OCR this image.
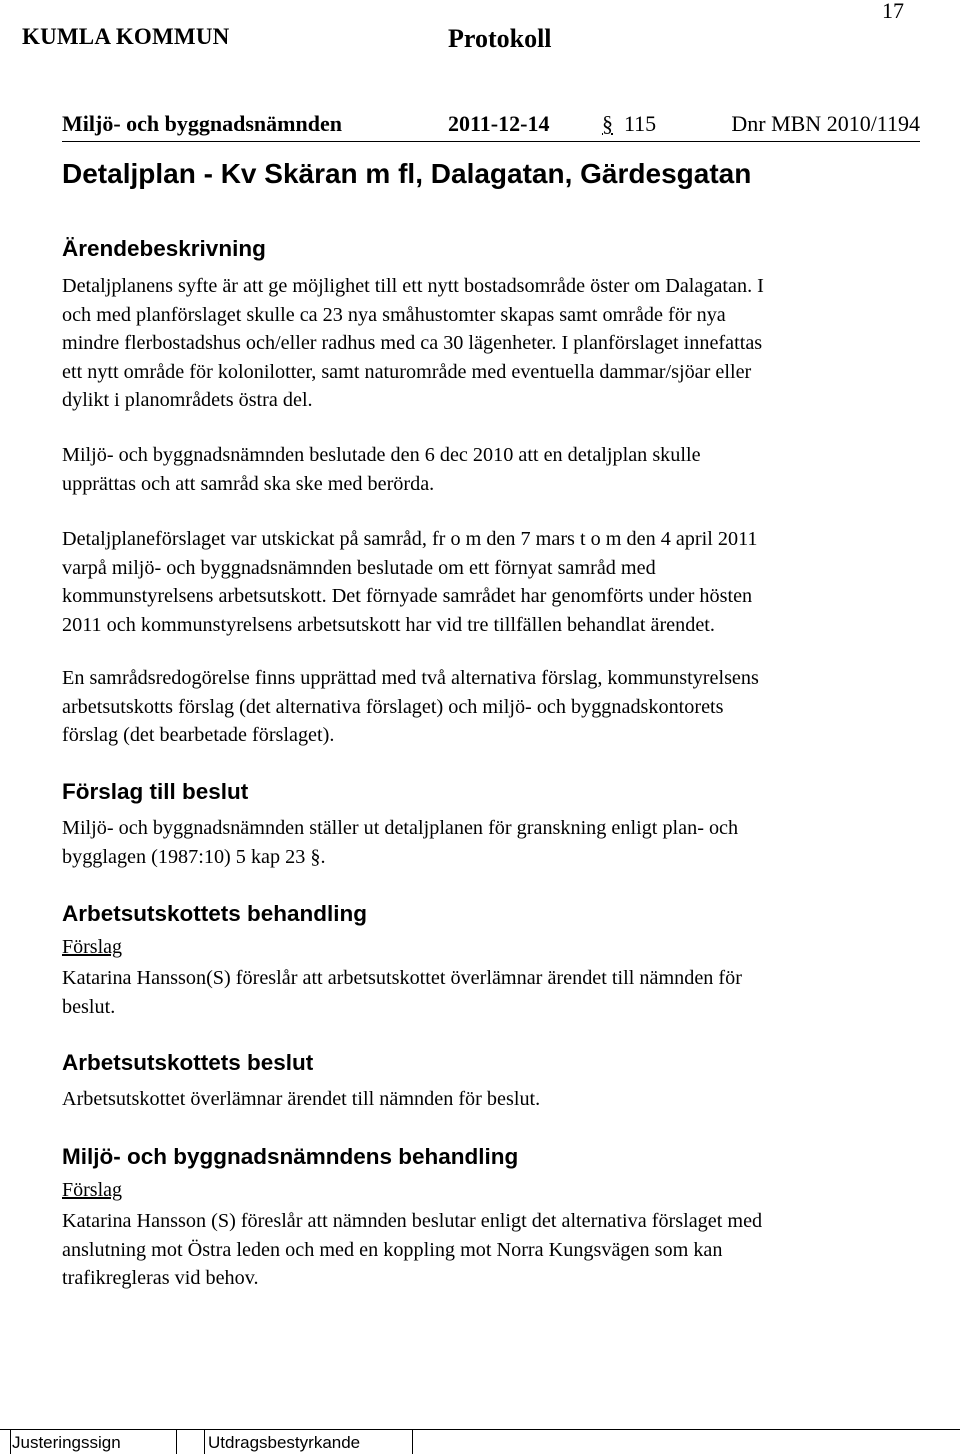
17
KUMLA KOMMUN	Protokoll
Miljö- och byggnadsnämnden	2011-12-14 § 115	Dnr MBN 2010/1194
Detaljplan - Kv Skäran m fl, Dalagatan, Gärdesgatan
Ärendebeskrivning
Detaljplanens syfte är att ge möjlighet till ett nytt bostadsområde öster om Dalagatan. I
och med planförslaget skulle ca 23 nya småhustomter skapas samt område för nya
mindre flerbostadshus och/eller radhus med ca 30 lägenheter. I planförslaget innefattas
ett nytt område för kolonilotter, samt naturområde med eventuella dammar/sjöar eller
dylikt i planområdets östra del.
Miljö- och byggnadsnämnden beslutade den 6 dec 2010 att en detaljplan skulle
upprättas och att samråd ska ske med berörda.
Detaljplaneförslaget var utskickat på samråd, fr o m den 7 mars t o m den 4 april 2011
varpå miljö- och byggnadsnämnden beslutade om ett förnyat samråd med
kommunstyrelsens arbetsutskott. Det förnyade samrådet har genomförts under hösten
2011 och kommunstyrelsens arbetsutskott har vid tre tillfällen behandlat ärendet.
En samrådsredogörelse finns upprättad med två alternativa förslag, kommunstyrelsens
arbetsutskotts förslag (det alternativa förslaget) och miljö- och byggnadskontorets
förslag (det bearbetade förslaget).
Förslag till beslut
Miljö- och byggnadsnämnden ställer ut detaljplanen för granskning enligt plan- och
bygglagen (1987:10) 5 kap 23 §.
Arbetsutskottets behandling
Förslag
Katarina Hansson(S) föreslår att arbetsutskottet överlämnar ärendet till nämnden för
beslut.
Arbetsutskottets beslut
Arbetsutskottet överlämnar ärendet till nämnden för beslut.
Miljö- och byggnadsnämndens behandling
Förslag
Katarina Hansson (S) föreslår att nämnden beslutar enligt det alternativa förslaget med
anslutning mot Östra leden och med en koppling mot Norra Kungsvägen som kan
trafikregleras vid behov.
Justeringssign	Utdragsbestyrkande
